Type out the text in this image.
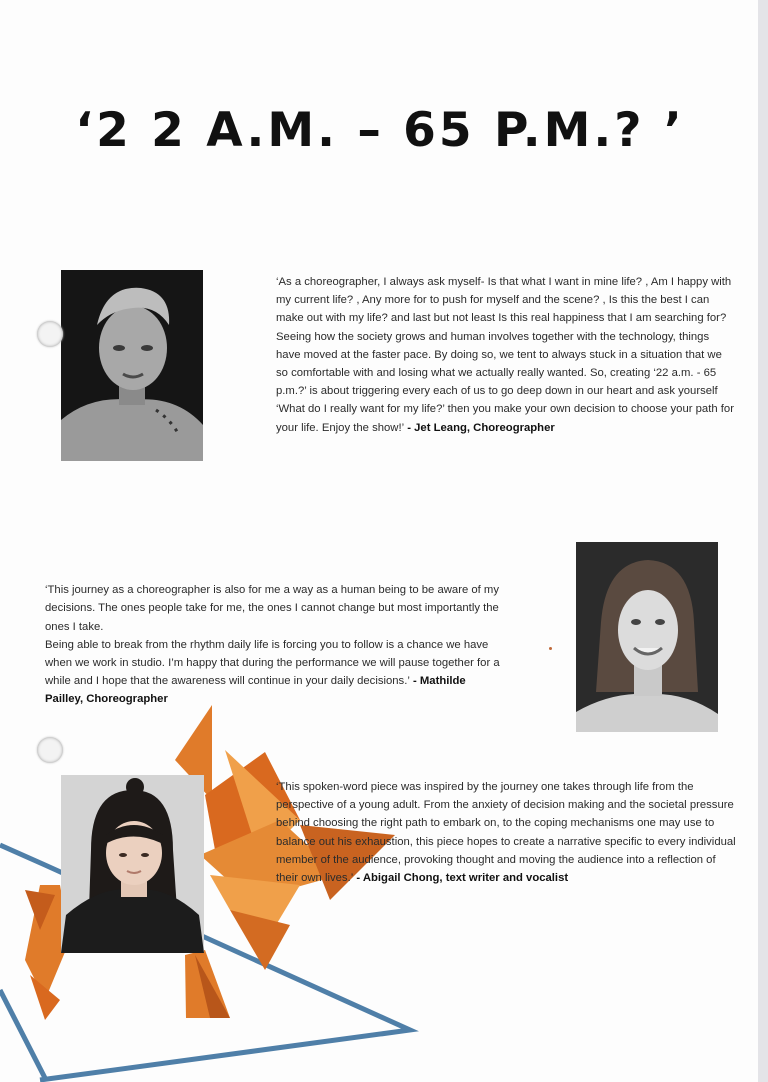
‘2 2 A.M. – 65 P.M.? ’
‘As a choreographer, I always ask myself- Is that what I want in mine life? , Am I happy with my current life? , Any more for to push for myself and the scene? , Is this the best I can make out with my life? and last but not least Is this real happiness that I am searching for? Seeing how the society grows and human involves together with the technology, things have moved at the faster pace. By doing so, we tent to always stuck in a situation that we so comfortable with and losing what we actually really wanted. So, creating ‘22 a.m. - 65 p.m.?’ is about triggering every each of us to go deep down in our heart and ask yourself ‘What do I really want for my life?’ then you make your own decision to choose your path for your life. Enjoy the show!’ - Jet Leang, Choreographer

‘This journey as a choreographer is also for me a way as a human being to be aware of my decisions. The ones people take for me, the ones I cannot change but most importantly the ones I take.
Being able to break from the rhythm daily life is forcing you to follow is a chance we have when we work in studio. I’m happy that during the performance we will pause together for a while and I hope that the awareness will continue in your daily decisions.’ - Mathilde Pailley, Choreographer

‘This spoken-word piece was inspired by the journey one takes through life from the perspective of a young adult. From the anxiety of decision making and the societal pressure behind choosing the right path to embark on, to the coping mechanisms one may use to balance out his exhaustion, this piece hopes to create a narrative specific to every individual member of the audience, provoking thought and moving the audience into a reflection of their own lives.’ - Abigail Chong, text writer and vocalist
